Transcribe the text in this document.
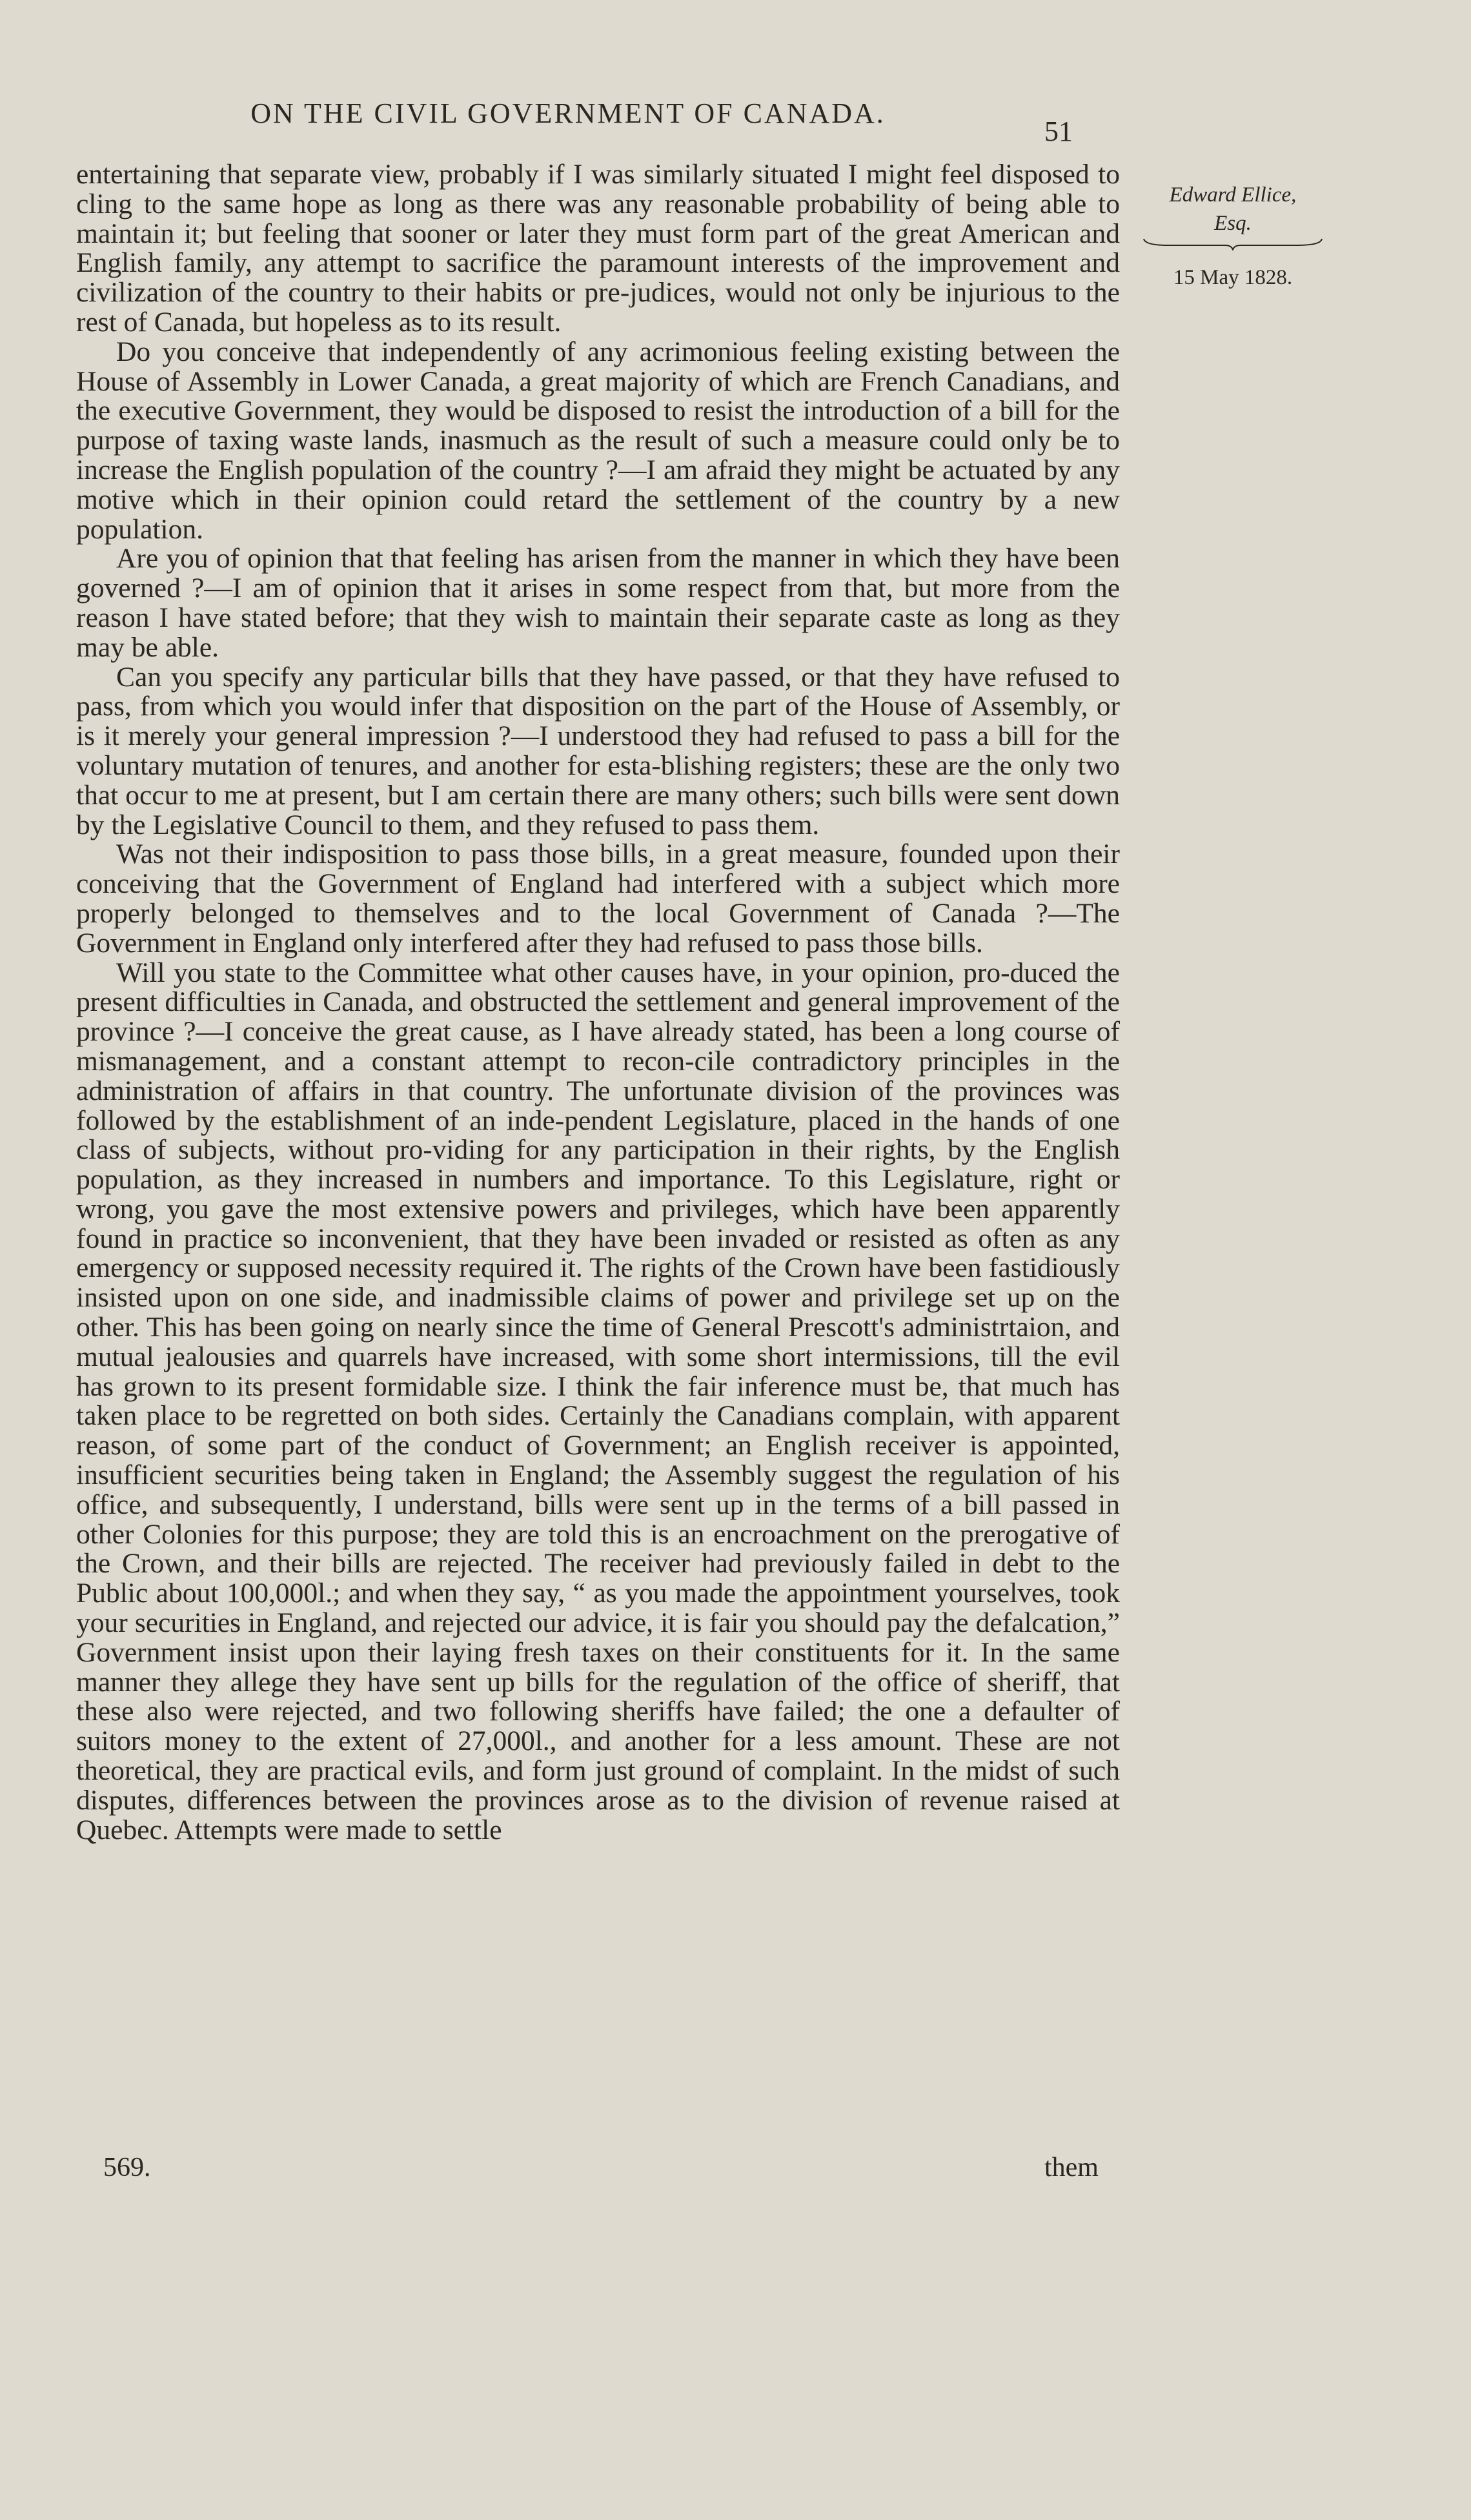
ON THE CIVIL GOVERNMENT OF CANADA.
51
Edward Ellice,
Esq.
15 May 1828.

entertaining that separate view, probably if I was similarly situated I might feel disposed to cling to the same hope as long as there was any reasonable probability of being able to maintain it; but feeling that sooner or later they must form part of the great American and English family, any attempt to sacrifice the paramount interests of the improvement and civilization of the country to their habits or pre-judices, would not only be injurious to the rest of Canada, but hopeless as to its result.

Do you conceive that independently of any acrimonious feeling existing between the House of Assembly in Lower Canada, a great majority of which are French Canadians, and the executive Government, they would be disposed to resist the introduction of a bill for the purpose of taxing waste lands, inasmuch as the result of such a measure could only be to increase the English population of the country ?—I am afraid they might be actuated by any motive which in their opinion could retard the settlement of the country by a new population.

Are you of opinion that that feeling has arisen from the manner in which they have been governed ?—I am of opinion that it arises in some respect from that, but more from the reason I have stated before; that they wish to maintain their separate caste as long as they may be able.

Can you specify any particular bills that they have passed, or that they have refused to pass, from which you would infer that disposition on the part of the House of Assembly, or is it merely your general impression ?—I understood they had refused to pass a bill for the voluntary mutation of tenures, and another for esta-blishing registers; these are the only two that occur to me at present, but I am certain there are many others; such bills were sent down by the Legislative Council to them, and they refused to pass them.

Was not their indisposition to pass those bills, in a great measure, founded upon their conceiving that the Government of England had interfered with a subject which more properly belonged to themselves and to the local Government of Canada ?—The Government in England only interfered after they had refused to pass those bills.

Will you state to the Committee what other causes have, in your opinion, pro-duced the present difficulties in Canada, and obstructed the settlement and general improvement of the province ?—I conceive the great cause, as I have already stated, has been a long course of mismanagement, and a constant attempt to recon-cile contradictory principles in the administration of affairs in that country. The unfortunate division of the provinces was followed by the establishment of an inde-pendent Legislature, placed in the hands of one class of subjects, without pro-viding for any participation in their rights, by the English population, as they increased in numbers and importance. To this Legislature, right or wrong, you gave the most extensive powers and privileges, which have been apparently found in practice so inconvenient, that they have been invaded or resisted as often as any emergency or supposed necessity required it. The rights of the Crown have been fastidiously insisted upon on one side, and inadmissible claims of power and privilege set up on the other. This has been going on nearly since the time of General Prescott's administrtaion, and mutual jealousies and quarrels have increased, with some short intermissions, till the evil has grown to its present formidable size. I think the fair inference must be, that much has taken place to be regretted on both sides. Certainly the Canadians complain, with apparent reason, of some part of the conduct of Government; an English receiver is appointed, insufficient securities being taken in England; the Assembly suggest the regulation of his office, and subsequently, I understand, bills were sent up in the terms of a bill passed in other Colonies for this purpose; they are told this is an encroachment on the prerogative of the Crown, and their bills are rejected. The receiver had previously failed in debt to the Public about 100,000l.; and when they say, “ as you made the appointment yourselves, took your securities in England, and rejected our advice, it is fair you should pay the defalcation,” Government insist upon their laying fresh taxes on their constituents for it. In the same manner they allege they have sent up bills for the regulation of the office of sheriff, that these also were rejected, and two following sheriffs have failed; the one a defaulter of suitors money to the extent of 27,000l., and another for a less amount. These are not theoretical, they are practical evils, and form just ground of complaint. In the midst of such disputes, differences between the provinces arose as to the division of revenue raised at Quebec. Attempts were made to settle

569.	them
